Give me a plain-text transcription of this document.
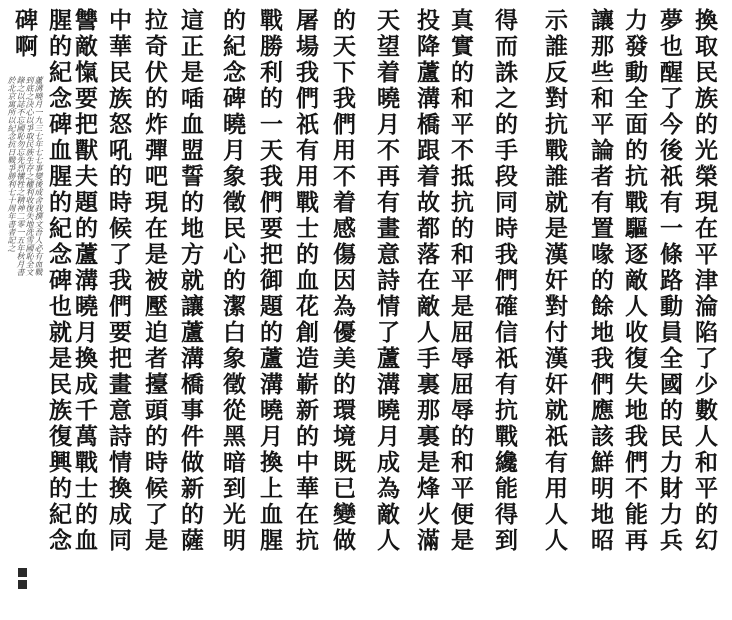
換取民族的光榮現在平津淪陷了少數人和平的幻
夢也醒了今後祇有一條路動員全國的民力財力兵
力發動全面的抗戰驅逐敵人收復失地我們不能再
讓那些和平論者有置喙的餘地我們應該鮮明地昭
示誰反對抗戰誰就是漢奸對付漢奸就祇有用人人
得而誅之的手段同時我們確信祇有抗戰纔能得到
真實的和平不抵抗的和平是屈辱屈辱的和平便是
投降蘆溝橋跟着故都落在敵人手裏那裏是烽火滿
天望着曉月不再有畫意詩情了蘆溝曉月成為敵人
的天下我們用不着感傷因為優美的環境既已變做
屠場我們祇有用戰士的血花創造嶄新的中華在抗
戰勝利的一天我們要把御題的蘆溝曉月換上血腥
的紀念碑曉月象徵民心的潔白象徵從黑暗到光明
這正是喢血盟誓的地方就讓蘆溝橋事件做新的薩
拉奇伏的炸彈吧現在是被壓迫者擡頭的時候了是
中華民族怒吼的時候了我們要把畫意詩情換成同
讐敵愾要把獸夫題的蘆溝曉月換成千萬戰士的血
腥的紀念碑血腥的紀念碑也就是民族復興的紀念
碑啊
蘆溝曉月一九三七年七七事變後成舍我撰文吾人必有血戰
到底之決心以爭取民族生存之權利收復失地洗雪國恥全文
錄之以誌不忘國恥勿忘先烈犧牲之精神二零一五年秋月書
於北京寓所以紀念抗日戰爭勝利七十周年書者記之
